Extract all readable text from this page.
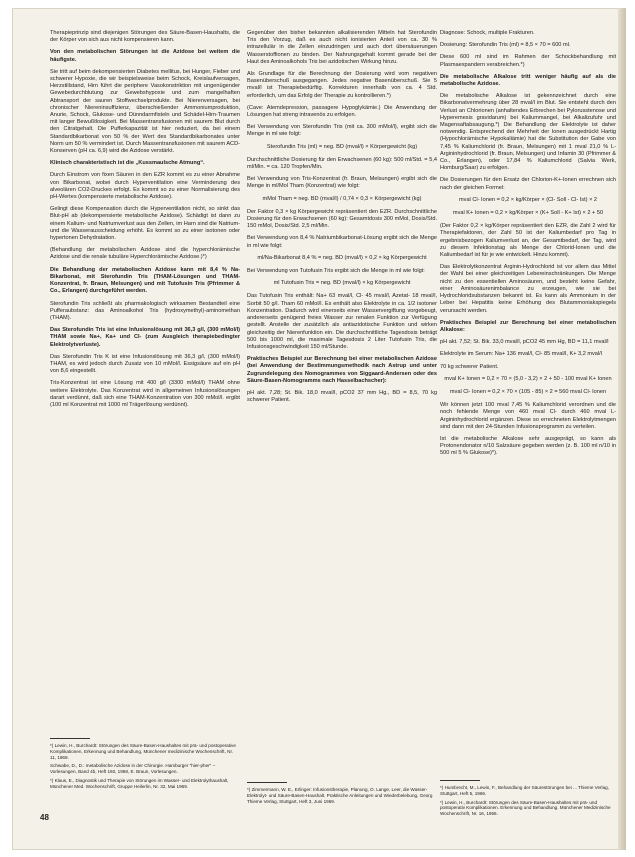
Therapieprinzip sind diejenigen Störungen des Säure-Basen-Haushalts, die der Körper von sich aus nicht kompensieren kann.

Von den metabolischen Störungen ist die Azidose bei weitem die häufigste.

Sie tritt auf beim dekompensierten Diabetes mellitus, bei Hunger, Fieber und schwerer Hypoxie, die wir beispielsweise beim Schock, Kreislaufversagen, Herzstillstand, Hirn führt die periphere Vasokonstriktion mit ungenügender Gewebedurchblutung zur Gewebshypoxie und zum mangelhaften Abtransport der sauren Stoffwechselprodukte. Bei Nierenversagen, bei chronischer Niereninsuffizienz, überschießender Ammoniumproduktion, Anurie, Schock, Glukose- und Dünndarmfisteln und Schädel-Hirn-Traumen mit langer Bewußtlosigkeit. Bei Massentransfusionen mit saurem Blut durch den Citratgehalt. Die Pufferkapazität ist hier reduziert, da bei einem Standardbikarbonat von 50 % der Wert des Standardbikarbonates unter Norm um 50 % vermindert ist. Durch Massentransfusionen mit saurem ACD-Konserven (pH ca. 6,9) wird die Azidose verstärkt.

Klinisch charakteristisch ist die „Kussmaulsche Atmung“.

Durch Einstrom von fixen Säuren in den EZR kommt es zu einer Abnahme von Bikarbonat, wobei durch Hyperventilation eine Verminderung des alveolären CO2-Druckes erfolgt. Es kommt so zu einer Normalisierung des pH-Wertes (kompensierte metabolische Azidose).

Gelingt diese Kompensation durch die Hyperventilation nicht, so sinkt das Blut-pH ab (dekompensierte metabolische Azidose). Schädigt ist dann zu einem Kalium- und Natriumverlust aus den Zellen, im Harn sind die Natrium- und die Wasserausscheidung erhöht. Es kommt so zu einer isotonen oder hypertonen Dehydratation.

(Behandlung der metabolischen Azidose sind die hyperchlorämische Azidose und die renale tubuläre Hyperchlorämische Azidose.)*)

Die Behandlung der metabolischen Azidose kann mit 8,4 % Na-Bikarbonat, mit Sterofundin Tris (THAM-Lösungen und THAM-Konzentrat, fr. Braun, Melsungen) und mit Tutofusin Tris (Pfrimmer & Co., Erlangen) durchgeführt werden.

Sterofundin Tris schließt als pharmakologisch wirksamen Bestandteil eine Pufferaubstanz: das Aminoalkohol Tris (hydroxymethyl)-aminomethan (THAM).

Das Sterofundin Tris ist eine Infusionslösung mit 36,3 g/l, (300 mMol/l) THAM sowie Na+, Ka+ und Cl- (zum Ausgleich therapiebedingter Elektrolytverluste).

Das Sterofundin Tris K ist eine Infusionslösung mit 36,3 g/l, (300 mMol/l) THAM, es wird jedoch durch Zusatz von 10 mMol/l. Essigsäure auf ein pH von 8,6 eingestellt.

Tris-Konzentrat ist eine Lösung mit 400 g/l (3300 mMol/l) THAM ohne weitere Elektrolyte. Das Konzentrat wird in allgemeinen Infusionslösungen darart verdünnt, daß sich eine THAM-Konzentration von 300 mMol/l. ergibt (100 ml Konzentrat mit 1000 ml Trägerlösung verdünnt).

*) Lewin, H., Burchardt: Störungen des Säure-Basen-Haushaltes mit prä- und postoperative Komplikationen, Erkennung und Behandlung, Münchener medizinische Wochenschrift, Nr. 11, 1969.

Schwabe, D., D.: metabolische Azidose in der Chirurgie. Hamburger "hier-pher" – Vorlesungen, Band 4b, Heft 160, 1968, E. Braun, Vorlesungen.

*) Klaus, E., Diagnostik und Therapie von Störungen im Wasser- und Elektrolythaushalt, Münchener Med. Wochenschrift, Gruppe Heilerlin, Nr. 32, Mai 1969.

Gegenüber den bisher bekannten alkalisierenden Mitteln hat Sterofundin Tris den Vorzug, daß es auch nicht ionisierten Anteil von ca. 30 % intrazellulär in die Zellen einzudringen und auch dort übersäuerungen Wasserstoffionen zu binden. Der Nahrungsgehalt kommt gerade bei der Haut des Aminoalkohols Tris bei azidotischen Wirkung hinzu.

Als Grundlage für die Berechnung der Dosierung wird vom negativen Basenüberschuß ausgegangen. Jedes negative Basenüberschuß. Sie 5 mval/l ist Therapiebedürftig. Korrekturen innerhalb von ca. 4 Std. erforderlich, um das Erfolg der Therapie zu kontrollieren.*)

(Cave: Atemdepression, passagere Hypoglykämie.) Die Anwendung der Lösungen hat streng intravenös zu erfolgen.

Bei Verwendung von Sterofundin Tris (mit ca. 300 mMol/l), ergibt sich die Menge in ml wie folgt:

Sterofundin Tris (ml) = neg. BD (mval/l) × Körpergewicht (kg)

Durchschnittliche Dosierung für den Erwachsenen (60 kg): 500 ml/Std. = 5,4 ml/Min. = ca. 120 Tropfen/Min.

Bei Verwendung von Tris-Konzentrat (fr. Braun, Melsungen) ergibt sich die Menge in ml/Mol Tham (Konzentrat) wie folgt:

mMol Tham = neg. BD (mval/l) / 0,74 × 0,3 × Körpergewicht (kg)

Der Faktor 0,3 × kg Körpergewicht repräsentiert den EZR. Durchschnittliche Dosierung für den Erwachsenen (60 kg): Gesamtdosis 300 mMol, Dosis/Std. 150 mMol, Dosis/Std. 2,5 ml/Min.

Bei Verwendung von 8,4 % Natriumbikarbonat-Lösung ergibt sich die Menge in ml wie folgt:

ml/Na-Bikarbonat 8,4 % = neg. BD (mval/l) × 0,2 × kg Körpergewicht

Bei Verwendung von Tutofusin Tris ergibt sich die Menge in ml wie folgt:

ml Tutofusin Tris = neg. BD (mval/l) × kg Körpergewicht

Das Tutofusin Tris enthält: Na+ 63 mval/l, Cl- 45 mval/l, Azetat- 18 mval/l, Sorbit 50 g/l. Tham 60 mMol/l. Es enthält also Elektrolyte in ca. 1/2 isotoner Konzentration. Dadurch wird einerseits einer Wasservergiftung vorgebeugt, andererseits genügend freies Wasser zur renalen Funktion zur Verfügung gestellt. Anstelle der zusätzlich als antiazidotische Funktion und wirken gleichzeitig der Nierenfunktion ein. Die durchschnittliche Tagesdosis beträgt 500 bis 1000 ml, die maximale Tagesdosis 2 Liter Tutofusin Tris, die Infusionsgeschwindigkeit 150 ml/Stunde.

Praktisches Beispiel zur Berechnung bei einer metabolischen Azidose (bei Anwendung der Bestimmungsmethodik nach Astrup und unter Zugrundelegung des Nomogrammes von Siggaard-Andersen oder des Säure-Basen-Nomogramms nach Hasselbachscher):

pH akt. 7,28; St. Bik. 18,0 mval/l, pCO2 37 mm Hg., BD = 8,5, 70 kg schwerer Patient.

*) Zimmermann, W. E., Erlinger: Infusionstherapie, Planung, O. Lange, Leer, die Wasser-Elektrolyt- und Säure-Basen-Haushalt. Praktische Anleitungen und Wiederbelebung, Georg Thieme Verlag, Stuttgart, Heft 3, Juni 1969.

Diagnose: Schock, multiple Frakturen.

Dosierung: Sterofundin Tris (ml) = 8,5 × 70 = 600 ml.

Diese 600 ml sind im Rahmen der Schockbehandlung mit Plasmaexpandern verabreichen.*)

Die metabolische Alkalose tritt weniger häufig auf als die metabolische Azidose.

Die metabolische Alkalose ist gekennzeichnet durch eine Bikarbonatvermehrung über 28 mval/l im Blut. Sie entsteht durch den Verlust an Chlorionen (anhaltendes Erbrechen bei Pylorusstenose und Hyperemesis gravidarum) bei Kaliummangel, bei Alkalizufuhr und Magensaftabsaugung.*) Die Behandlung der Elektrolyte ist daher notwendig. Entsprechend der Mehrheit der Ionen ausgedrückt Hartig (Hypochlorämische Hypokaliämie) hat die Substitution der Gabe von 7,45 % Kaliumchlorid (fr. Braun, Melsungen) mit 1 mval 21,0 % L-Argininhydrochlorid (fr. Braun, Melsungen) und Infamin 30 (Pfrimmer & Co., Erlangen), oder 17,84 % Kaliumchlorid (Salvia Werk, Homburg/Saar) zu erfolgen.

Die Dosierungen für den Ersatz der Chlorion-K+-Ionen errechnen sich nach der gleichen Formel:

mval Cl- Ionen = 0,2 × kg/Körper × (Cl- Soll - Cl- Ist) × 2

mval K+ Ionen = 0,2 × kg/Körper × (K+ Soll - K+ Ist) × 2 + 50

(Der Faktor 0,2 × kg/Körper repräsentiert den EZR, die Zahl 2 wird für Therapiefaktoren, der Zahl 50 ist der Kaliumbedarf pro Tag in ergebnisbezogen Kaliumverlust an, der Gesamtbedarf, der Tag, wird zu diesem Infektionstag als Menge der Chlorid-Ionen und die Kaliumbedarf ist für je wie entwickelt. Hinzu kommt).

Das Elektrolytkonzentrat Arginin-Hydrochlorid ist vor allem das Mittel der Wahl bei einer gleichzeitigen Lebereinschränkungen. Die Menge nicht zu den essentiellen Aminosäuren, und besteht keine Gefahr, einer Aminosäurenimbalance zu erzeugen, wie sie bei Hydrochloridsubstanzen bekannt ist. Es kann als Ammonium in der Leber bei Hepatitis keine Erhöhung des Blutammoniakspiegels verursacht werden.

Praktisches Beispiel zur Berechnung bei einer metabolischen Alkalose:

pH akt. 7,52; St. Bik. 33,0 mval/l, pCO2 45 mm Hg, BD = 11,1 mval/l

Elektrolyte im Serum: Na+ 136 mval/l, Cl- 85 mval/l, K+ 3,2 mval/l

70 kg schwerer Patient.

mval K+ Ionen = 0,2 × 70 × (5,0 - 3,2) × 2 + 50 - 100 mval K+ Ionen

mval Cl- Ionen = 0,2 × 70 × (105 - 85) × 2 = 560 mval Cl- Ionen

Wir können jetzt 100 mval 7,45 % Kaliumchlorid verordnen und die noch fehlende Menge von 460 mval Cl- durch 460 mval L-Argininhydrochlorid ergänzen. Diese so errechneten Elektrolytmengen sind dann mit den 24-Stunden Infusionsprogramm zu verteilen.

Ist die metabolische Alkalose sehr ausgeprägt, so kann als Protonendonator n/10 Salzsäure gegeben werden (z. B. 100 ml n/10 in 500 ml 5 % Glukose)*).

*) Humbrecht, M., Lewin, F., Behandlung der Säurestörungen bei ... Thieme Verlag, Stuttgart, Heft 5, 1966.

*) Lewin, H., Burchardt: Störungen des Säure-Basen-Haushaltes mit prä- und postoperativ Komplikationen. Erkennung und Behandlung. Münchener Medizinische Wochenschrift, Nr. 16, 1966.

48
